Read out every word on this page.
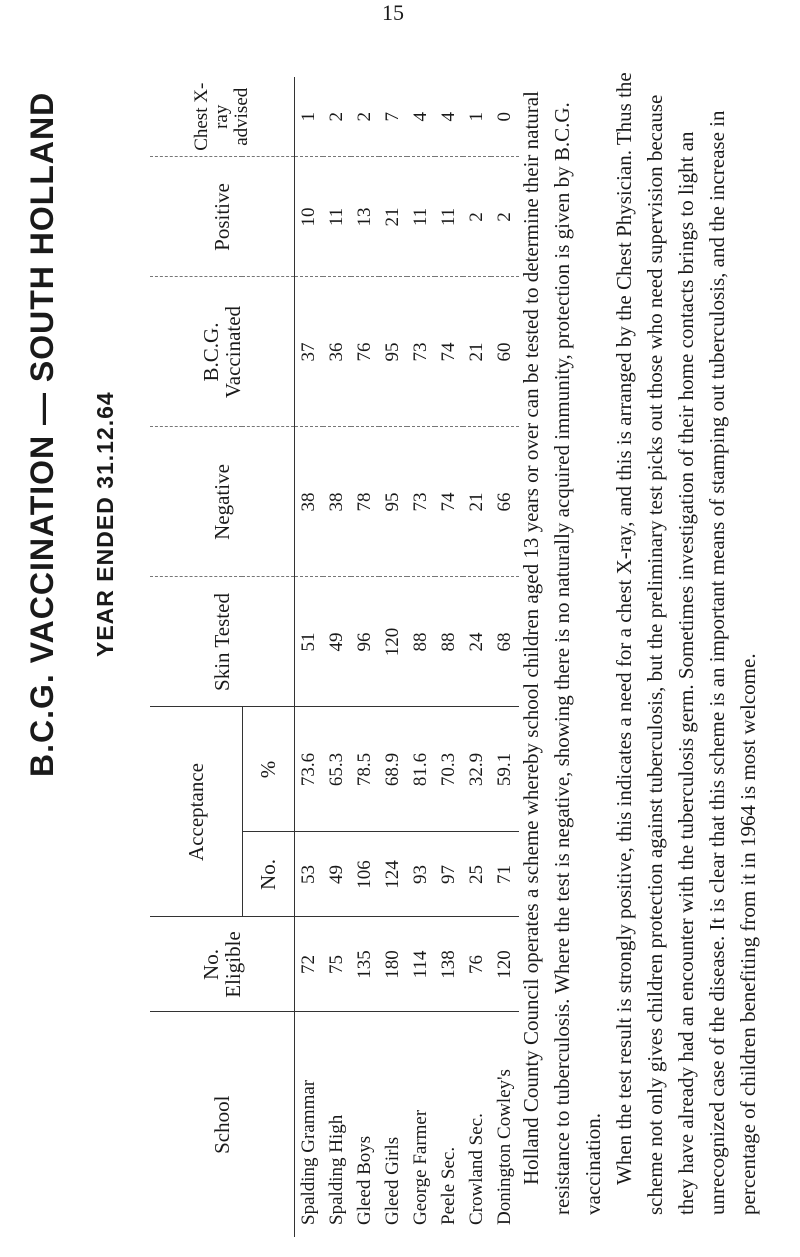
B.C.G. VACCINATION — SOUTH HOLLAND YEAR ENDED 31.12.64
School	No. Eligible	Acceptance		Skin Tested	Negative	B.C.G. Vaccinated	Positive	Chest X-ray advised
		No.	%					
Spalding Grammar	72	53	73.6	51	38	37	10	1
Spalding High	75	49	65.3	49	38	36	11	2
Gleed Boys	135	106	78.5	96	78	76	13	2
Gleed Girls	180	124	68.9	120	95	95	21	7
George Farmer	114	93	81.6	88	73	73	11	4
Peele Sec.	138	97	70.3	88	74	74	11	4
Crowland Sec.	76	25	32.9	24	21	21	2	1
Donington Cowley's	120	71	59.1	68	66	60	2	0 Holland County Council operates a scheme whereby school children aged 13 years or over can be tested to determine their natural resistance to tuberculosis. Where the test is negative, showing there is no naturally acquired immunity, protection is given by B.C.G. vaccination. When the test result is strongly positive, this indicates a need for a chest X-ray, and this is arranged by the Chest Physician. Thus the scheme not only gives children protection against tuberculosis, but the preliminary test picks out those who need supervision because they have already had an encounter with the tuberculosis germ. Sometimes investigation of their home contacts brings to light an unrecognized case of the disease. It is clear that this scheme is an important means of stamping out tuberculosis, and the increase in percentage of children benefiting from it in 1964 is most welcome.

15
